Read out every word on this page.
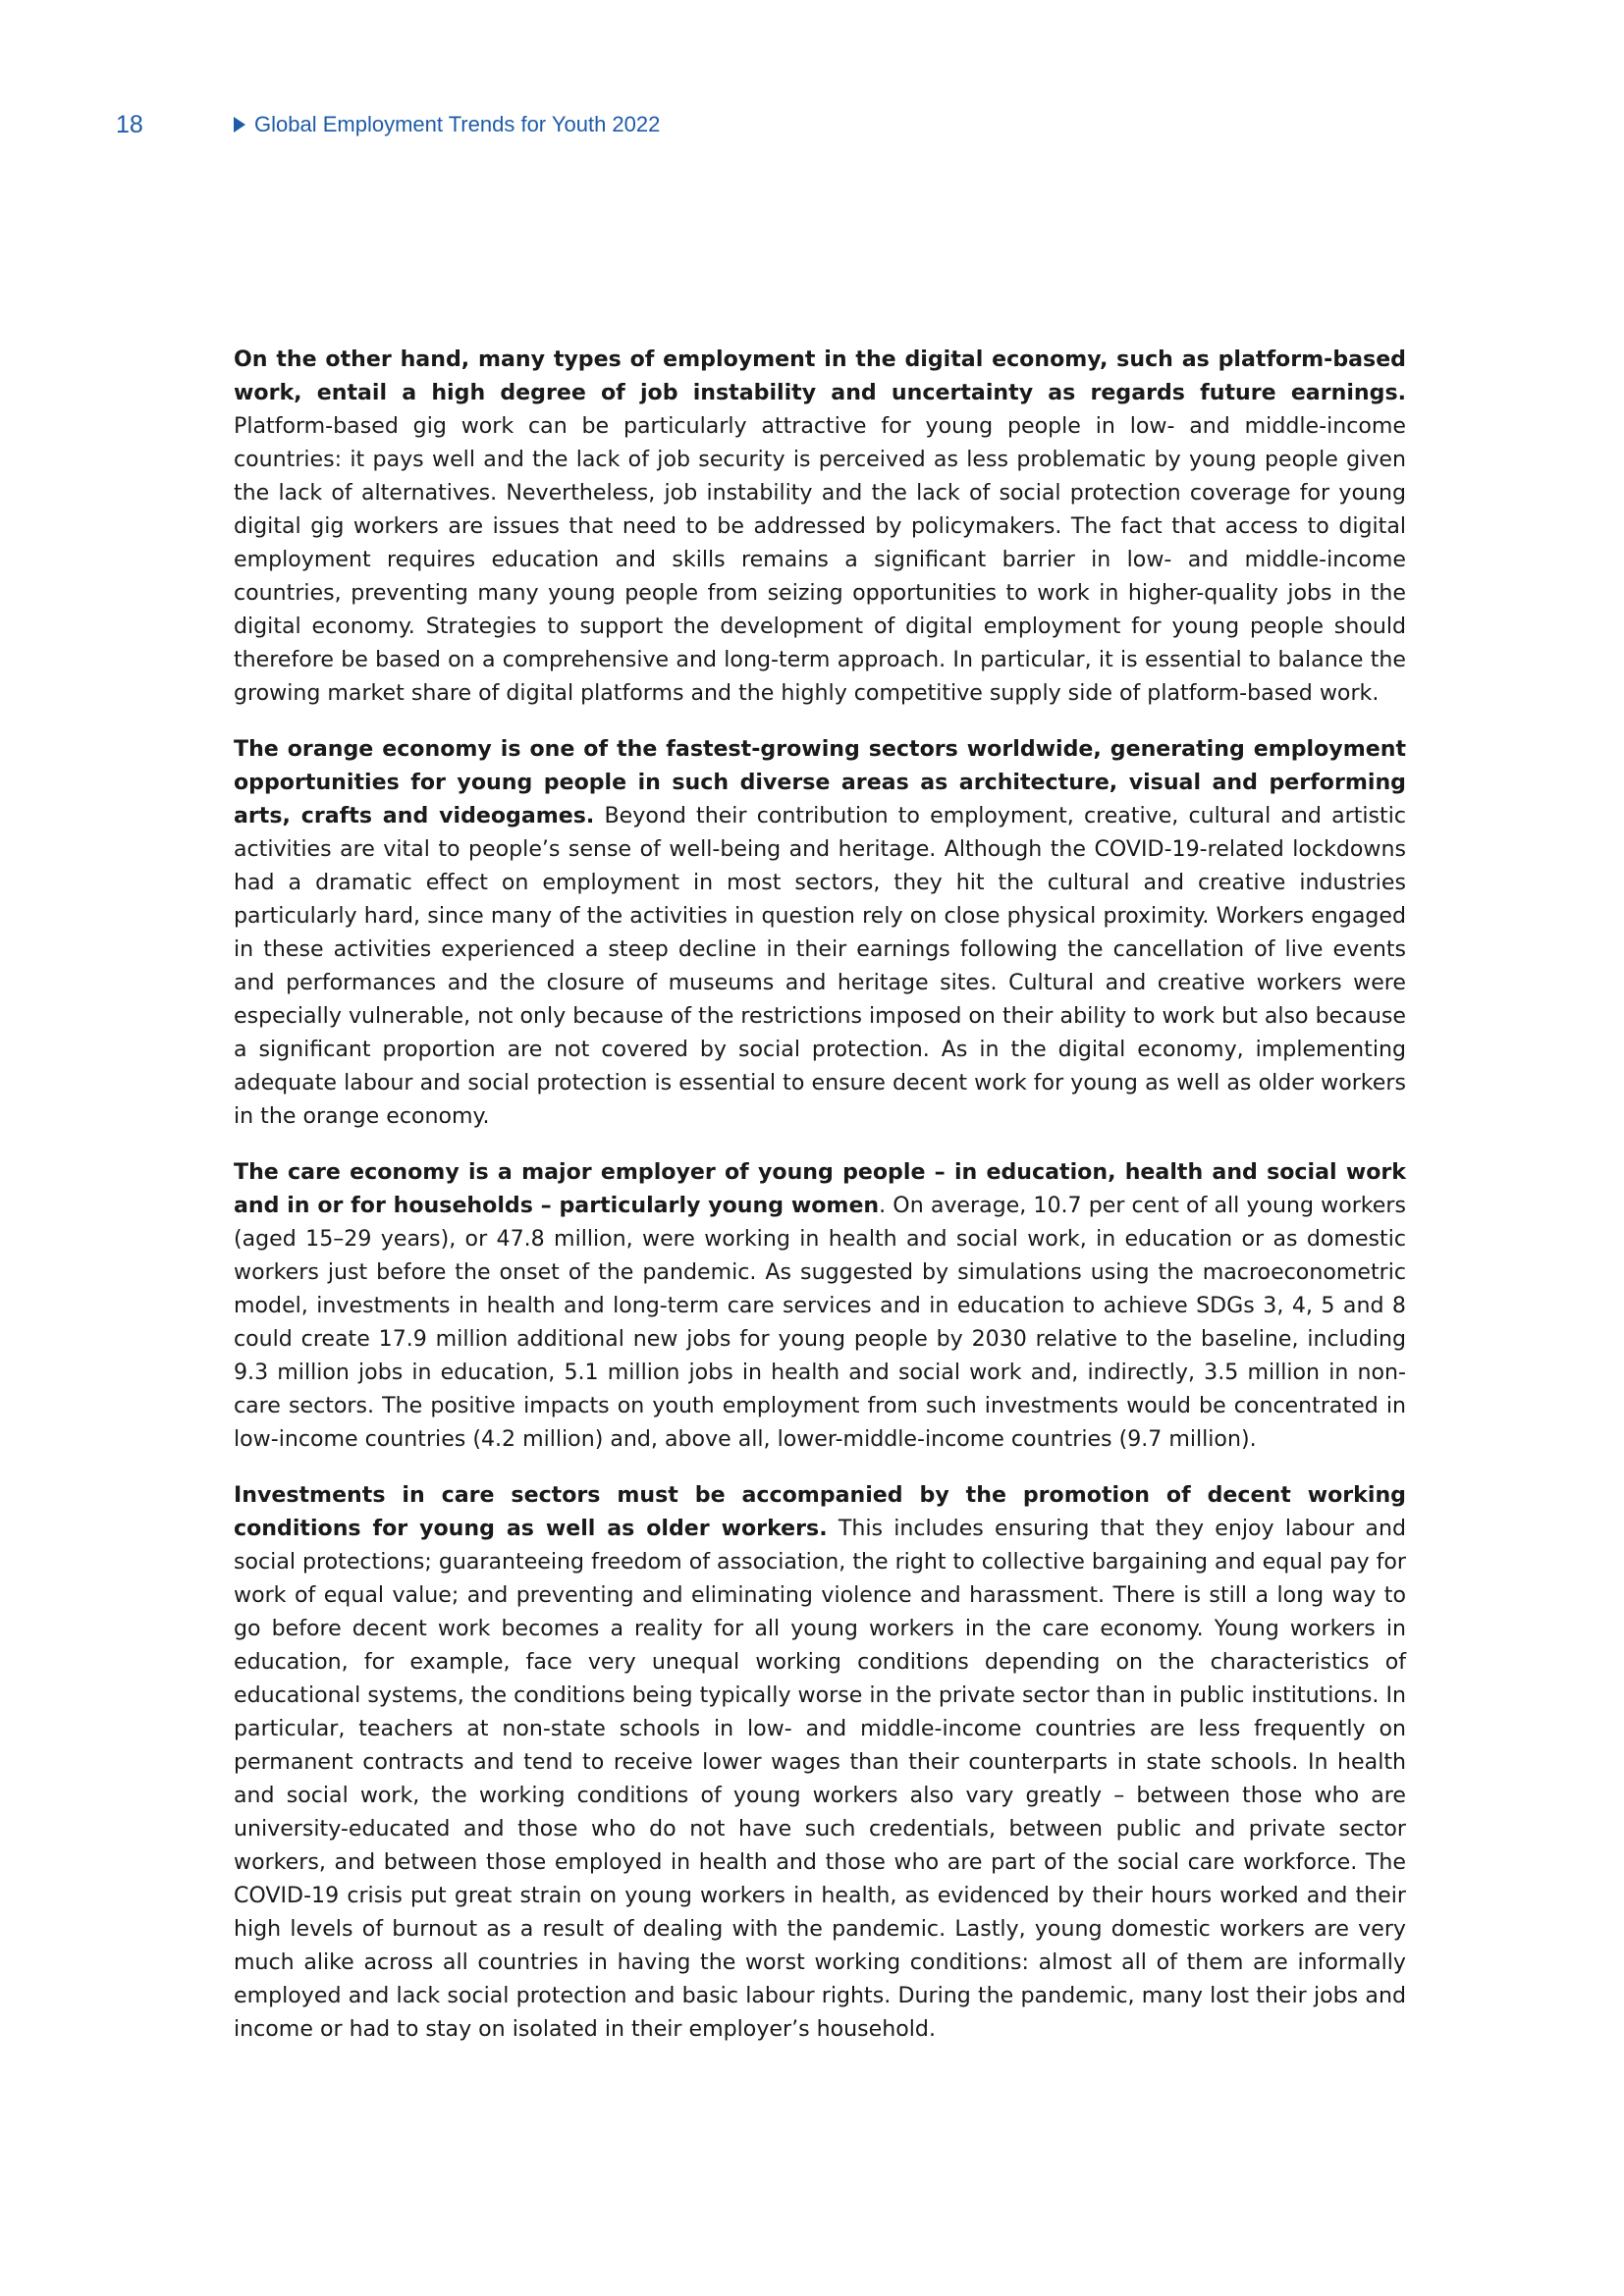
18	Global Employment Trends for Youth 2022

On the other hand, many types of employment in the digital economy, such as platform-based work, entail a high degree of job instability and uncertainty as regards future earnings. Platform-based gig work can be particularly attractive for young people in low- and middle-income countries: it pays well and the lack of job security is perceived as less problematic by young people given the lack of alternatives. Nevertheless, job instability and the lack of social protection coverage for young digital gig workers are issues that need to be addressed by policymakers. The fact that access to digital employment requires education and skills remains a significant barrier in low- and middle-income countries, preventing many young people from seizing opportunities to work in higher-quality jobs in the digital economy. Strategies to support the development of digital employment for young people should therefore be based on a comprehensive and long-term approach. In particular, it is essential to balance the growing market share of digital platforms and the highly competitive supply side of platform-based work.

The orange economy is one of the fastest-growing sectors worldwide, generating employment opportunities for young people in such diverse areas as architecture, visual and performing arts, crafts and videogames. Beyond their contribution to employment, creative, cultural and artistic activities are vital to people’s sense of well-being and heritage. Although the COVID-19-related lockdowns had a dramatic effect on employment in most sectors, they hit the cultural and creative industries particularly hard, since many of the activities in question rely on close physical proximity. Workers engaged in these activities experienced a steep decline in their earnings following the cancellation of live events and performances and the closure of museums and heritage sites. Cultural and creative workers were especially vulnerable, not only because of the restrictions imposed on their ability to work but also because a significant proportion are not covered by social protection. As in the digital economy, implementing adequate labour and social protection is essential to ensure decent work for young as well as older workers in the orange economy.

The care economy is a major employer of young people – in education, health and social work and in or for households – particularly young women. On average, 10.7 per cent of all young workers (aged 15–29 years), or 47.8 million, were working in health and social work, in education or as domestic workers just before the onset of the pandemic. As suggested by simulations using the macroeconometric model, investments in health and long-term care services and in education to achieve SDGs 3, 4, 5 and 8 could create 17.9 million additional new jobs for young people by 2030 relative to the baseline, including 9.3 million jobs in education, 5.1 million jobs in health and social work and, indirectly, 3.5 million in non-care sectors. The positive impacts on youth employment from such investments would be concentrated in low-income countries (4.2 million) and, above all, lower-middle-income countries (9.7 million).

Investments in care sectors must be accompanied by the promotion of decent working conditions for young as well as older workers. This includes ensuring that they enjoy labour and social protections; guaranteeing freedom of association, the right to collective bargaining and equal pay for work of equal value; and preventing and eliminating violence and harassment. There is still a long way to go before decent work becomes a reality for all young workers in the care economy. Young workers in education, for example, face very unequal working conditions depending on the characteristics of educational systems, the conditions being typically worse in the private sector than in public institutions. In particular, teachers at non-state schools in low- and middle-income countries are less frequently on permanent contracts and tend to receive lower wages than their counterparts in state schools. In health and social work, the working conditions of young workers also vary greatly – between those who are university-educated and those who do not have such credentials, between public and private sector workers, and between those employed in health and those who are part of the social care workforce. The COVID-19 crisis put great strain on young workers in health, as evidenced by their hours worked and their high levels of burnout as a result of dealing with the pandemic. Lastly, young domestic workers are very much alike across all countries in having the worst working conditions: almost all of them are informally employed and lack social protection and basic labour rights. During the pandemic, many lost their jobs and income or had to stay on isolated in their employer’s household.
